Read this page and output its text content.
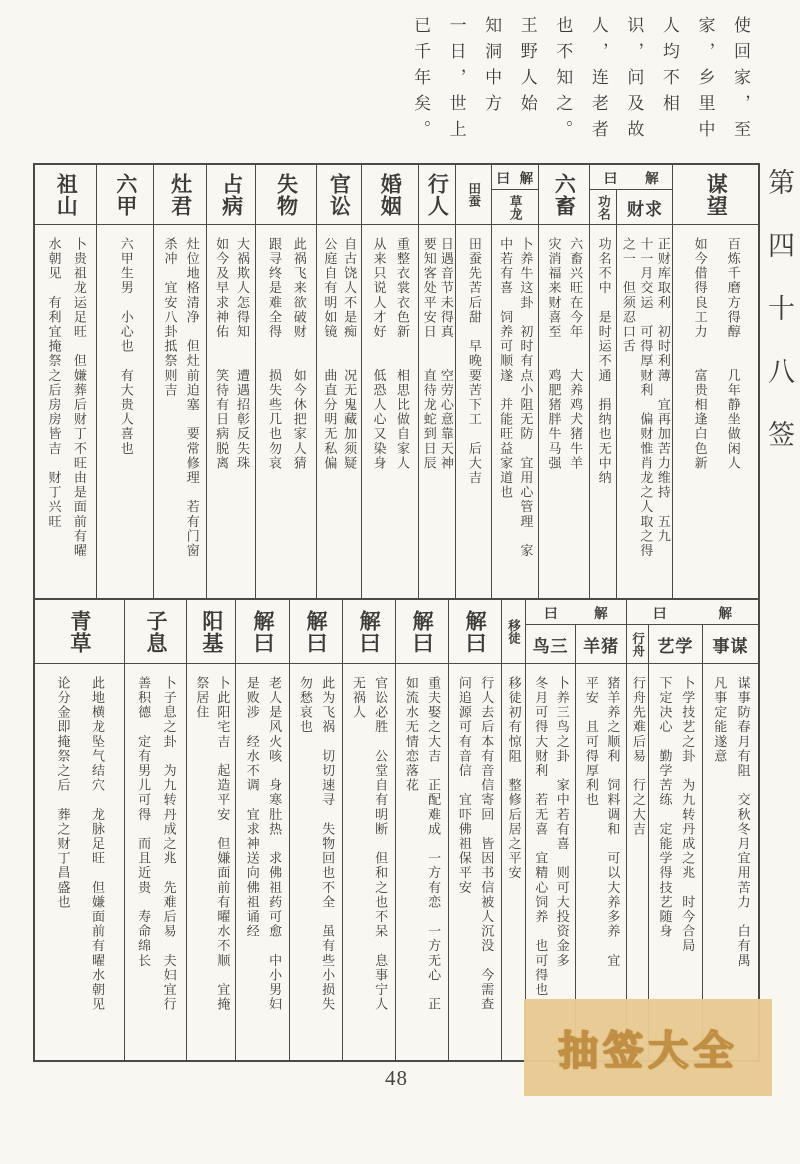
使回家，至
家，乡里中
人均不相
识，问及故
人，连老者
也不知之。
王野人始
知洞中方
一日，世上
已千年矣。
第四十八签
祖山
卜贵祖龙运足旺　但嫌葬后财丁不旺由是面前有曜
水朝见　有利宜掩祭之后房房皆吉　财丁兴旺
六甲
六甲生男　小心也　有大贵人喜也
灶君
灶位地格清净　但灶前迫塞　要常修理　若有门窗
杀冲　宜安八卦抵祭则吉
占病
大祸欺人怎得知　　遭遇招彰反失珠
如今及早求神佑　　笑待有日病脱离
失物
此祸飞来欲破财　　如今休把家人猜
跟寻终是难全得　　损失些几也勿哀
官讼
自古饶人不是痴　　况无鬼藏加须疑
公庭自有明如镜　　曲直分明无私偏
婚姻
重整衣裳衣色新　　相思比做自家人
从来只说人才好　　低恐人心又染身
行人
日遇音节未得真　　空劳心意靠天神
要知客处平安日　　直待龙蛇到日辰
田蚕
田蚕先苦后甜　早晚要苦下工　后大吉
曰 解
草龙
卜养牛这卦　初时有点小阻无防　宜用心管理　家
中若有喜　饲养可顺遂　并能旺益家道也
六畜
六畜兴旺在今年　　大养鸡犬猪牛羊
灾消福来财喜至　　鸡肥猪胖牛马强
曰 解
功名
功名不中　是时运不通　捐纳也无中纳
财求
正财库取利　初时利薄　宜再加苦力维持　五九
十一月交运　可得厚财利　偏财惟肖龙之人取之得
之一　但须忍口舌
谋望
百炼千磨方得醇　　几年静坐做闲人
如今借得良工力　　富贵相逢白色新
青草
此地横龙坠气结穴　龙脉足旺　但嫌面前有曜水朝见
论分金即掩祭之后　葬之财丁昌盛也
子息
卜子息之卦　为九转丹成之兆　先难后易　夫妇宜行
善积德　定有男儿可得　而且近贵　寿命绵长
阳基
卜此阳宅吉　起造平安　但嫌面前有曜水不顺　宜掩
祭居住
解曰
老人是风火咳　身寒肚热　求佛祖药可愈　中小男妇
是败涉　经水不调　宜求神送向佛祖诵经
解曰
此为飞祸　切切速寻　失物回也不全　虽有些小损失
勿愁哀也
解曰
官讼必胜　公堂自有明断　但和之也不呆　息事宁人
无祸人
解曰
重夫娶之大吉　正配难成　一方有恋　一方无心　正
如流水无情恋落花
解曰
行人去后本有音信寄回　皆因书信被人沉没　今需查
问追源可有音信　宜吓佛祖保平安
移徒
移徒初有惊阻　整修后居之平安
曰	解
鸟三
卜养三鸟之卦　家中若有喜　则可大投资金多
冬月可得大财利　若无喜　宜精心饲养　也可得也
羊猪
猪羊养之顺利　饲料调和　可以大养多养　宜
平安　且可得厚利也
曰	解
行舟
行舟先难后易　行之大吉
艺学
卜学技艺之卦　为九转丹成之兆　时今合局
下定决心　勤学苦练　定能学得技艺随身
事谋
谋事防春月有阻　交秋冬月宜用苦力　白有禺
凡事定能遂意
48
抽签大全
